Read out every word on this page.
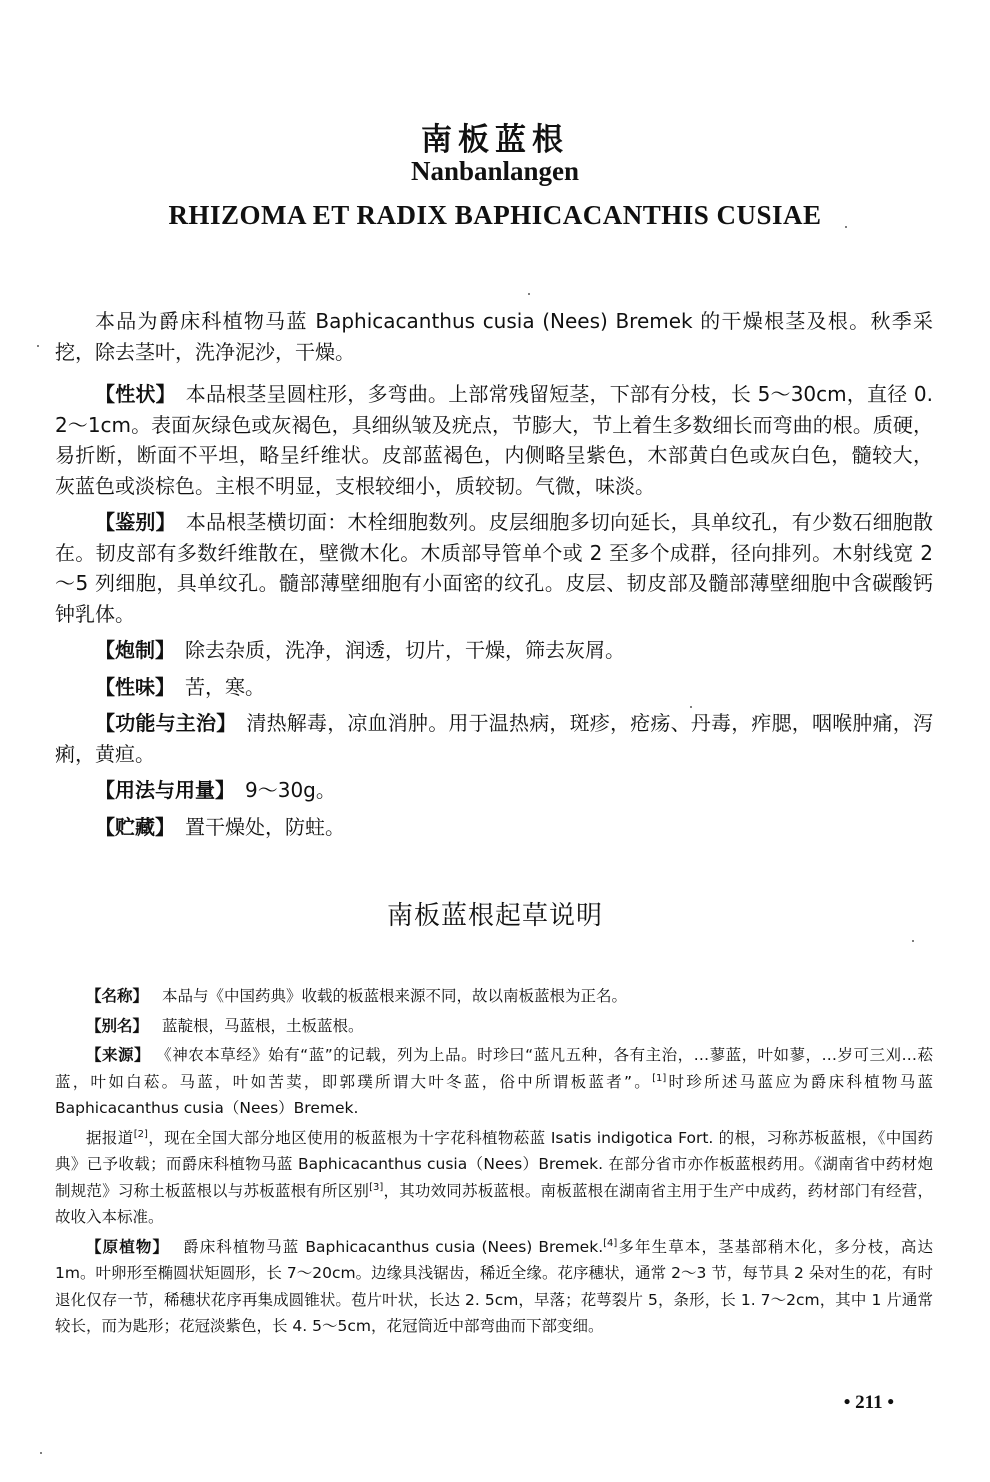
南板蓝根
Nanbanlangen
RHIZOMA ET RADIX BAPHICACANTHIS CUSIAE

本品为爵床科植物马蓝 Baphicacanthus cusia (Nees) Bremek 的干燥根茎及根。秋季采挖，除去茎叶，洗净泥沙，干燥。

【性状】 本品根茎呈圆柱形，多弯曲。上部常残留短茎，下部有分枝，长 5～30cm，直径 0. 2～1cm。表面灰绿色或灰褐色，具细纵皱及疣点，节膨大，节上着生多数细长而弯曲的根。质硬，易折断，断面不平坦，略呈纤维状。皮部蓝褐色，内侧略呈紫色，木部黄白色或灰白色，髓较大，灰蓝色或淡棕色。主根不明显，支根较细小，质较韧。气微，味淡。

【鉴别】 本品根茎横切面：木栓细胞数列。皮层细胞多切向延长，具单纹孔，有少数石细胞散在。韧皮部有多数纤维散在，壁微木化。木质部导管单个或 2 至多个成群，径向排列。木射线宽 2～5 列细胞，具单纹孔。髓部薄壁细胞有小面密的纹孔。皮层、韧皮部及髓部薄壁细胞中含碳酸钙钟乳体。

【炮制】 除去杂质，洗净，润透，切片，干燥，筛去灰屑。

【性味】 苦，寒。

【功能与主治】 清热解毒，凉血消肿。用于温热病，斑疹，疮疡、丹毒，痄腮，咽喉肿痛，泻痢，黄疸。

【用法与用量】 9～30g。

【贮藏】 置干燥处，防蛀。

南板蓝根起草说明

【名称】 本品与《中国药典》收载的板蓝根来源不同，故以南板蓝根为正名。

【别名】 蓝靛根，马蓝根，土板蓝根。

【来源】 《神农本草经》始有“蓝”的记载，列为上品。时珍曰“蓝凡五种，各有主治，…蓼蓝，叶如蓼，…岁可三刈…菘蓝，叶如白菘。马蓝，叶如苦荬，即郭璞所谓大叶冬蓝，俗中所谓板蓝者”。[1]时珍所述马蓝应为爵床科植物马蓝 Baphicacanthus cusia（Nees）Bremek.

据报道[2]，现在全国大部分地区使用的板蓝根为十字花科植物菘蓝 Isatis indigotica Fort. 的根，习称苏板蓝根，《中国药典》已予收载；而爵床科植物马蓝 Baphicacanthus cusia（Nees）Bremek. 在部分省市亦作板蓝根药用。《湖南省中药材炮制规范》习称土板蓝根以与苏板蓝根有所区别[3]，其功效同苏板蓝根。南板蓝根在湖南省主用于生产中成药，药材部门有经营，故收入本标准。

【原植物】 爵床科植物马蓝 Baphicacanthus cusia (Nees) Bremek.[4]多年生草本，茎基部稍木化，多分枝，高达 1m。叶卵形至椭圆状矩圆形，长 7～20cm。边缘具浅锯齿，稀近全缘。花序穗状，通常 2～3 节，每节具 2 朵对生的花，有时退化仅存一节，稀穗状花序再集成圆锥状。苞片叶状，长达 2. 5cm，早落；花萼裂片 5，条形，长 1. 7～2cm，其中 1 片通常较长，而为匙形；花冠淡紫色，长 4. 5～5cm，花冠筒近中部弯曲而下部变细。

• 211 •
